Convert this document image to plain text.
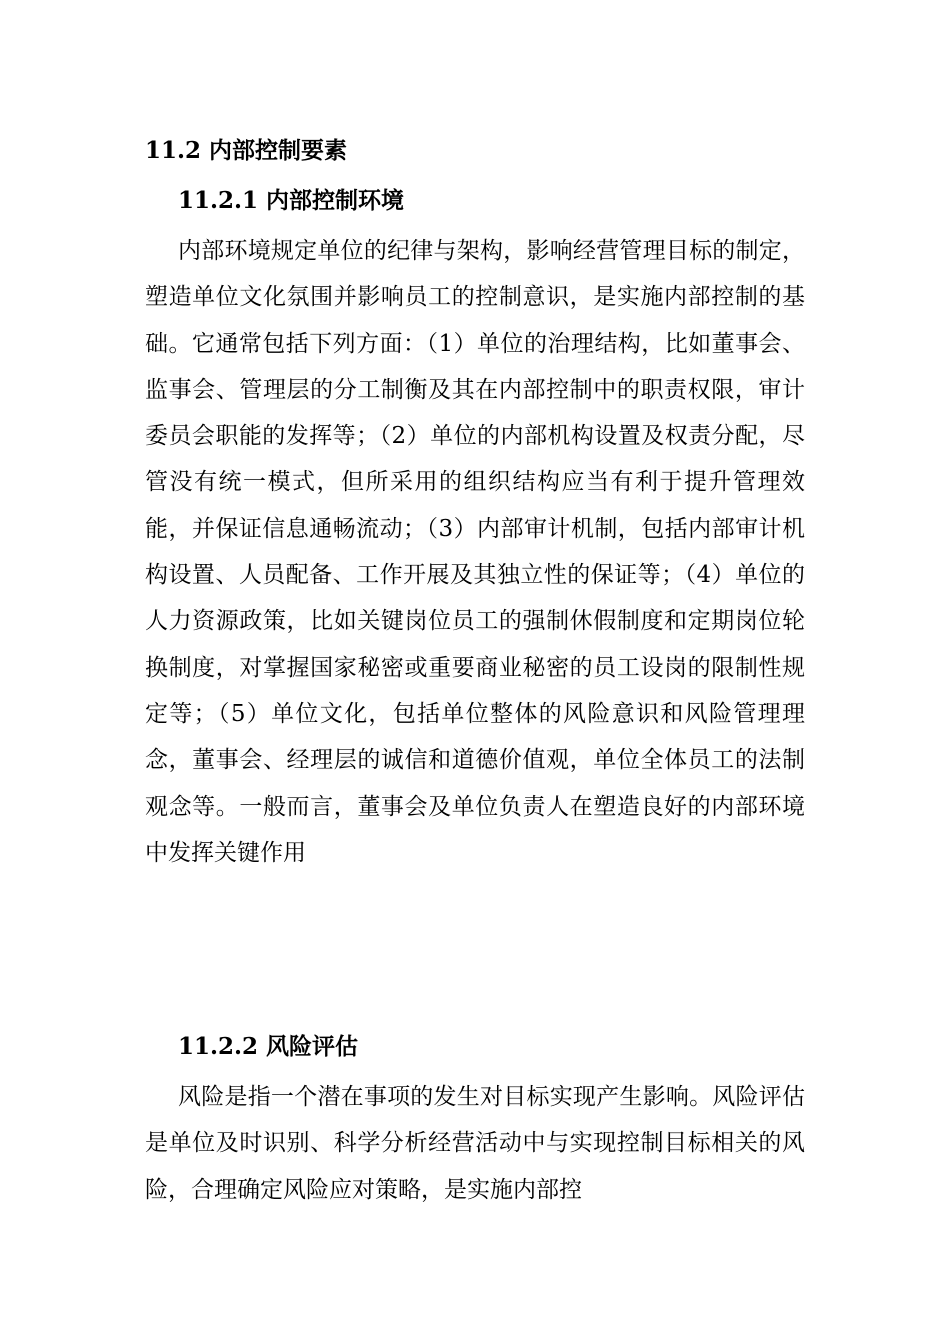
11.2 内部控制要素
11.2.1 内部控制环境

内部环境规定单位的纪律与架构，影响经营管理目标的制定，塑造单位文化氛围并影响员工的控制意识，是实施内部控制的基础。它通常包括下列方面：（1）单位的治理结构，比如董事会、监事会、管理层的分工制衡及其在内部控制中的职责权限，审计委员会职能的发挥等；（2）单位的内部机构设置及权责分配，尽管没有统一模式，但所采用的组织结构应当有利于提升管理效能，并保证信息通畅流动；（3）内部审计机制，包括内部审计机构设置、人员配备、工作开展及其独立性的保证等；（4）单位的人力资源政策，比如关键岗位员工的强制休假制度和定期岗位轮换制度，对掌握国家秘密或重要商业秘密的员工设岗的限制性规定等；（5）单位文化，包括单位整体的风险意识和风险管理理念，董事会、经理层的诚信和道德价值观，单位全体员工的法制观念等。一般而言，董事会及单位负责人在塑造良好的内部环境中发挥关键作用

11.2.2 风险评估

风险是指一个潜在事项的发生对目标实现产生影响。风险评估是单位及时识别、科学分析经营活动中与实现控制目标相关的风险，合理确定风险应对策略，是实施内部控
